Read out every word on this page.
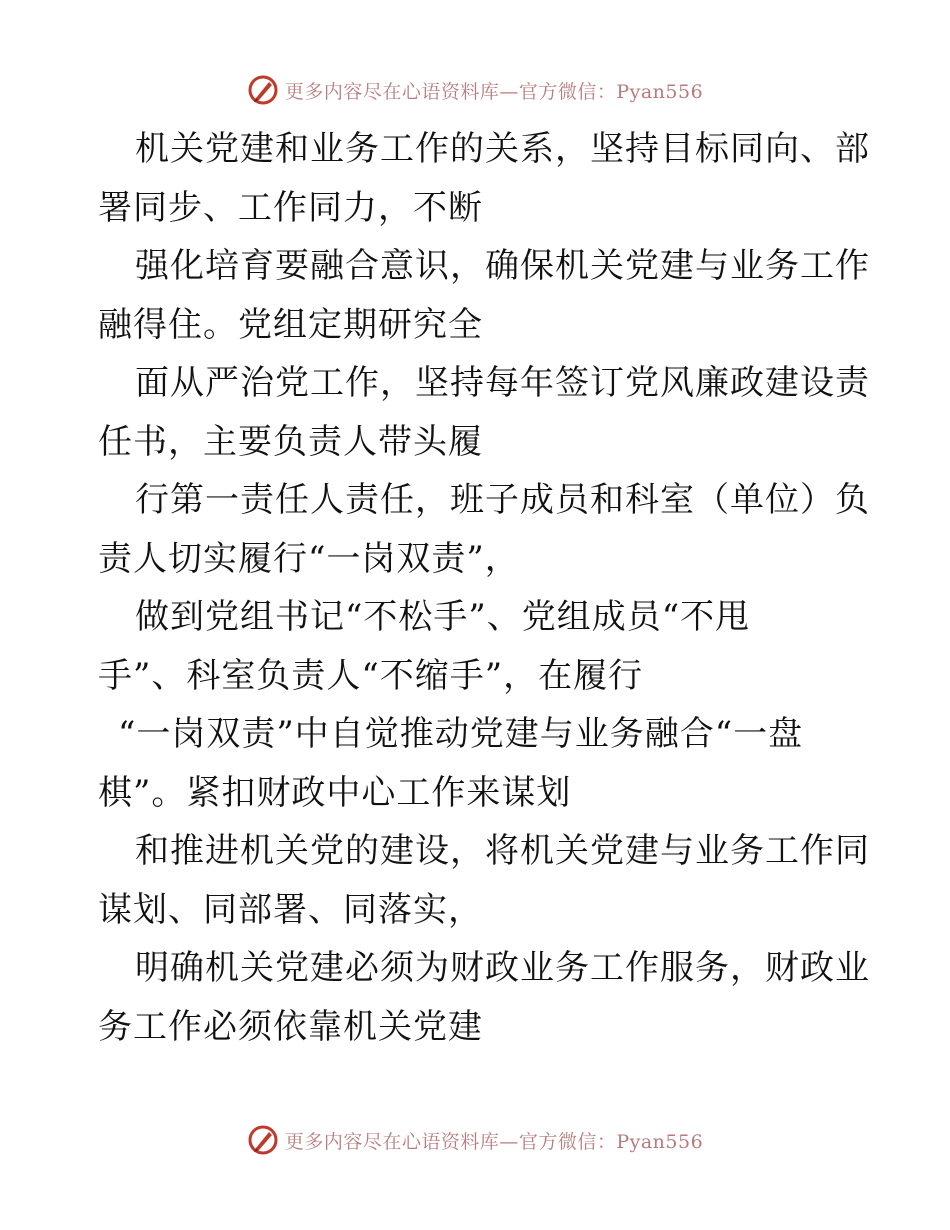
更多内容尽在心语资料库—官方微信：Pyan556
机关党建和业务工作的关系，坚持目标同向、部
署同步、工作同力，不断
强化培育要融合意识，确保机关党建与业务工作
融得住。党组定期研究全
面从严治党工作，坚持每年签订党风廉政建设责
任书，主要负责人带头履
行第一责任人责任，班子成员和科室（单位）负
责人切实履行“一岗双责”，
做到党组书记“不松手”、党组成员“不甩
手”、科室负责人“不缩手”，在履行
“一岗双责”中自觉推动党建与业务融合“一盘
棋”。紧扣财政中心工作来谋划
和推进机关党的建设，将机关党建与业务工作同
谋划、同部署、同落实，
明确机关党建必须为财政业务工作服务，财政业
务工作必须依靠机关党建
更多内容尽在心语资料库—官方微信：Pyan556
